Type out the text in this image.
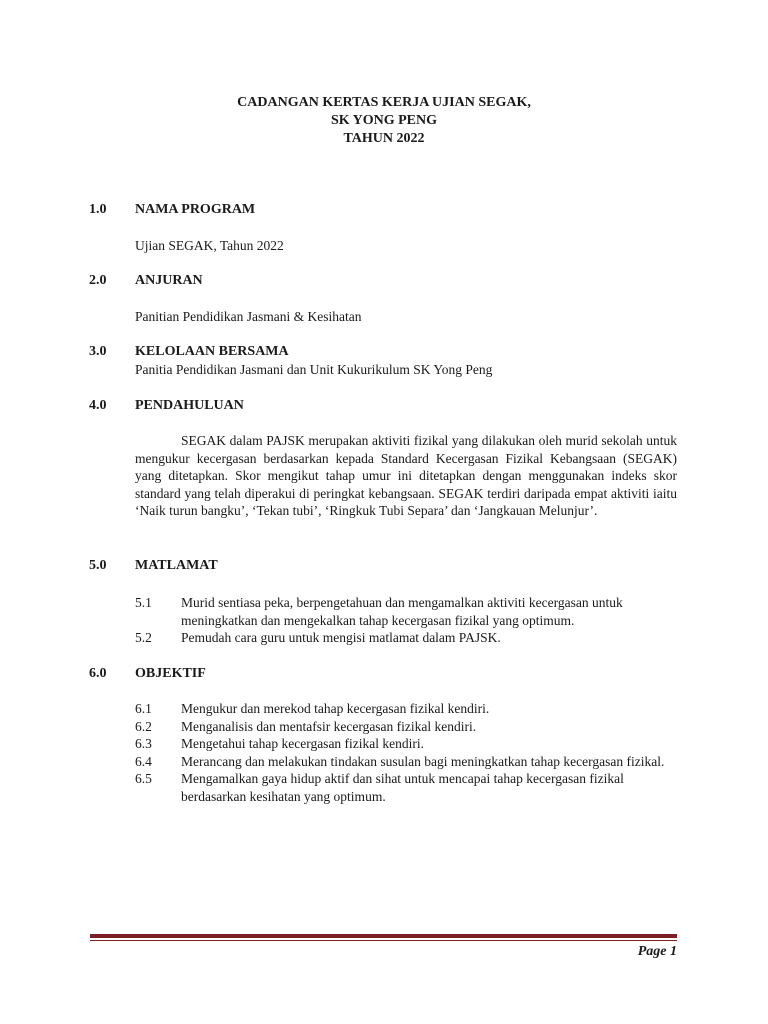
CADANGAN KERTAS KERJA UJIAN SEGAK,
SK YONG PENG
TAHUN 2022
1.0 NAMA PROGRAM
Ujian SEGAK, Tahun 2022
2.0 ANJURAN
Panitian Pendidikan Jasmani & Kesihatan
3.0 KELOLAAN BERSAMA
Panitia Pendidikan Jasmani dan Unit Kukurikulum SK Yong Peng
4.0 PENDAHULUAN
SEGAK dalam PAJSK merupakan aktiviti fizikal yang dilakukan oleh murid sekolah untuk mengukur kecergasan berdasarkan kepada Standard Kecergasan Fizikal Kebangsaan (SEGAK) yang ditetapkan. Skor mengikut tahap umur ini ditetapkan dengan menggunakan indeks skor standard yang telah diperakui di peringkat kebangsaan. SEGAK terdiri daripada empat aktiviti iaitu ‘Naik turun bangku’, ‘Tekan tubi’, ‘Ringkuk Tubi Separa’ dan ‘Jangkauan Melunjur’.
5.0 MATLAMAT
5.1	Murid sentiasa peka, berpengetahuan dan mengamalkan aktiviti kecergasan untuk meningkatkan dan mengekalkan tahap kecergasan fizikal yang optimum.
5.2	Pemudah cara guru untuk mengisi matlamat dalam PAJSK.
6.0 OBJEKTIF
6.1	Mengukur dan merekod tahap kecergasan fizikal kendiri.
6.2	Menganalisis dan mentafsir kecergasan fizikal kendiri.
6.3	Mengetahui tahap kecergasan fizikal kendiri.
6.4	Merancang dan melakukan tindakan susulan bagi meningkatkan tahap kecergasan fizikal.
6.5	Mengamalkan gaya hidup aktif dan sihat untuk mencapai tahap kecergasan fizikal berdasarkan kesihatan yang optimum.
Page 1
